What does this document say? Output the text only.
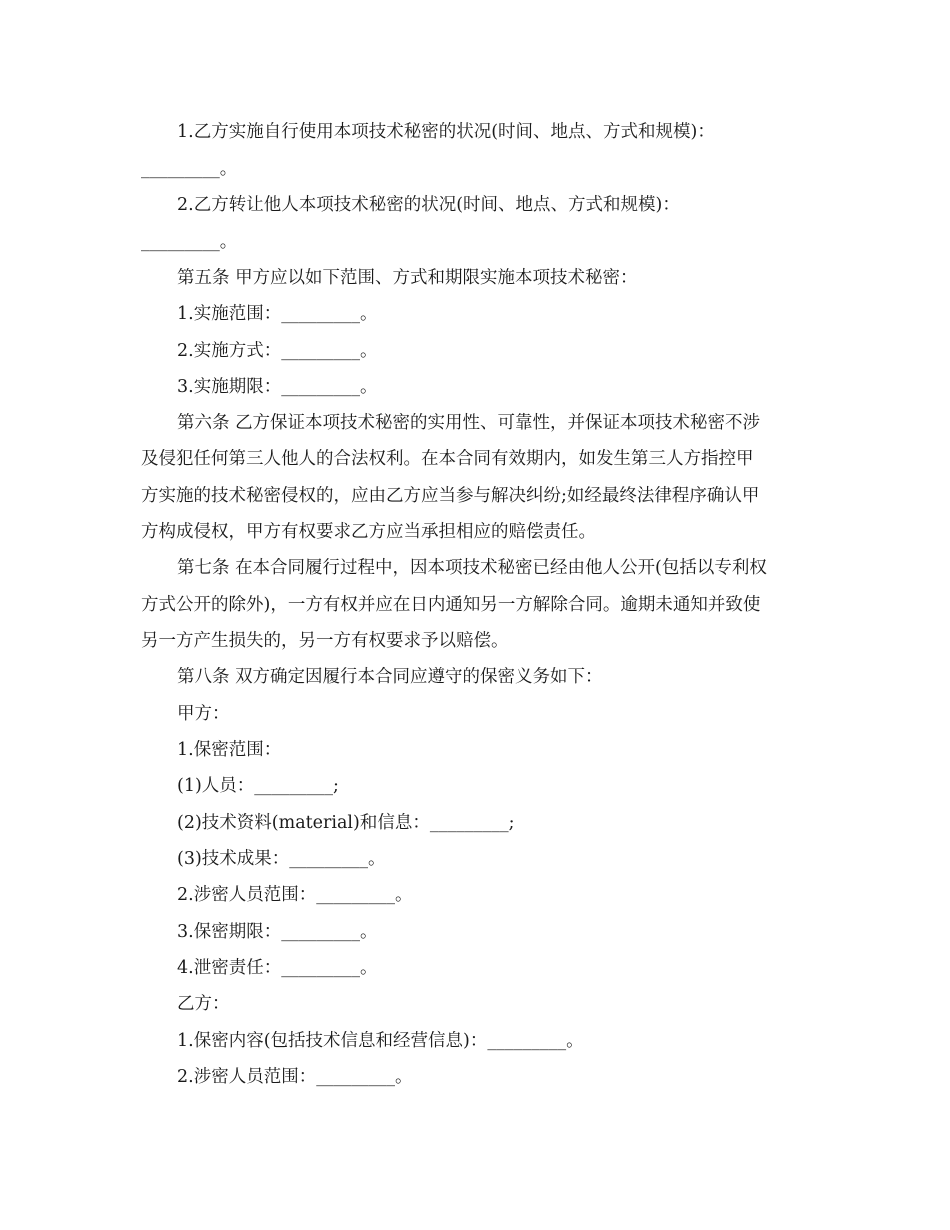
1.乙方实施自行使用本项技术秘密的状况(时间、地点、方式和规模)：
_________。
2.乙方转让他人本项技术秘密的状况(时间、地点、方式和规模)：
_________。
第五条 甲方应以如下范围、方式和期限实施本项技术秘密：
1.实施范围：_________。
2.实施方式：_________。
3.实施期限：_________。
第六条 乙方保证本项技术秘密的实用性、可靠性，并保证本项技术秘密不涉
及侵犯任何第三人他人的合法权利。在本合同有效期内，如发生第三人方指控甲
方实施的技术秘密侵权的，应由乙方应当参与解决纠纷;如经最终法律程序确认甲
方构成侵权，甲方有权要求乙方应当承担相应的赔偿责任。
第七条 在本合同履行过程中，因本项技术秘密已经由他人公开(包括以专利权
方式公开的除外)，一方有权并应在日内通知另一方解除合同。逾期未通知并致使
另一方产生损失的，另一方有权要求予以赔偿。
第八条 双方确定因履行本合同应遵守的保密义务如下：
甲方：
1.保密范围：
(1)人员：_________;
(2)技术资料(material)和信息：_________;
(3)技术成果：_________。
2.涉密人员范围：_________。
3.保密期限：_________。
4.泄密责任：_________。
乙方：
1.保密内容(包括技术信息和经营信息)：_________。
2.涉密人员范围：_________。
